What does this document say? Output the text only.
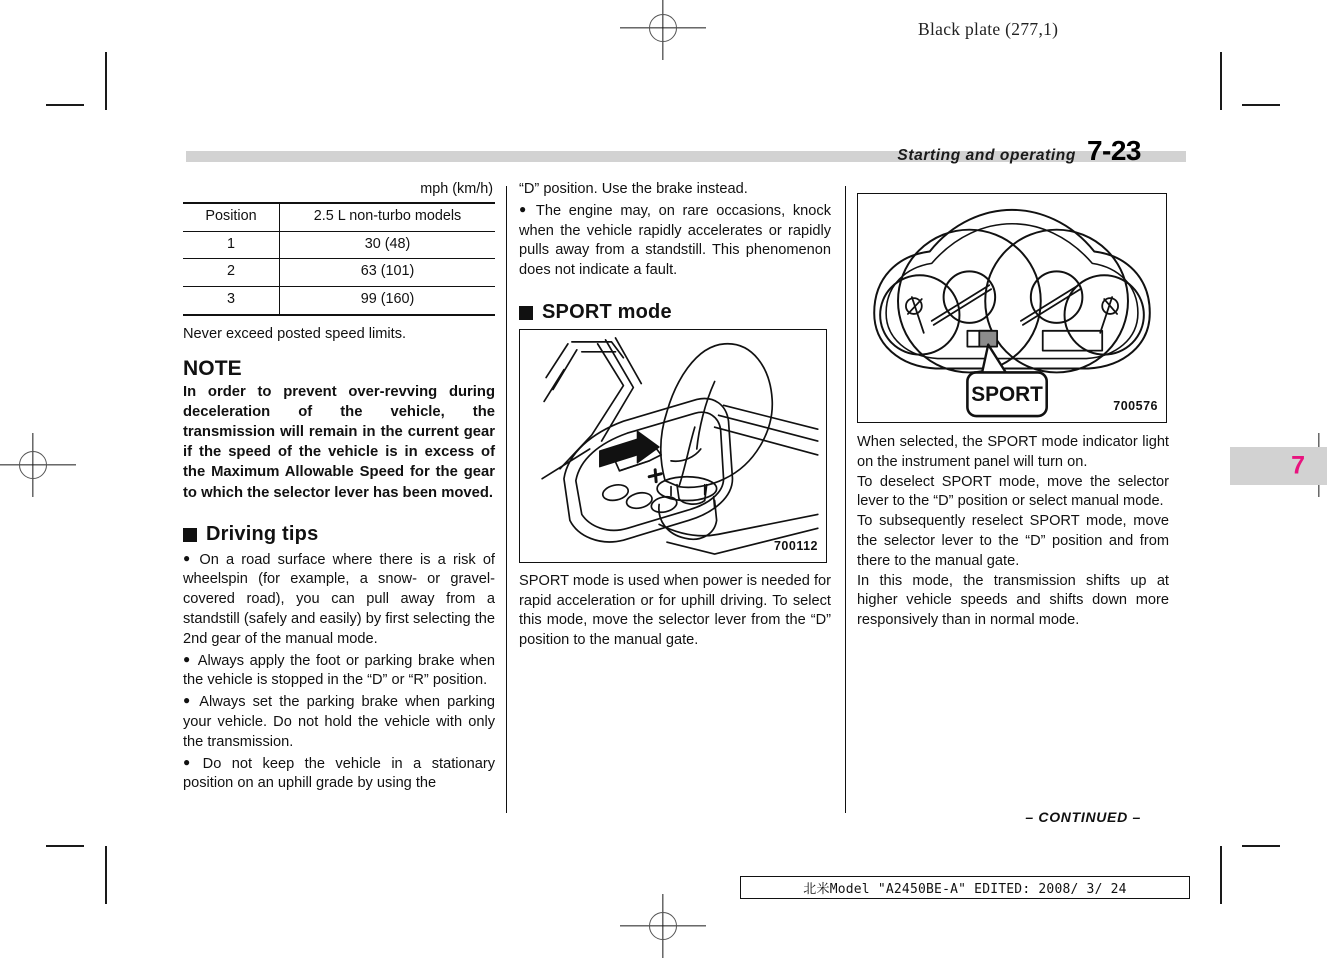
Black plate (277,1)
Starting and operating 7-23
mph (km/h)
Position	2.5 L non-turbo models
1	30 (48)
2	63 (101)
3	99 (160)
Never exceed posted speed limits.
NOTE

In order to prevent over-revving during deceleration of the vehicle, the transmission will remain in the current gear if the speed of the vehicle is in excess of the Maximum Allowable Speed for the gear to which the selector lever has been moved.

Driving tips

● On a road surface where there is a risk of wheelspin (for example, a snow- or gravel-covered road), you can pull away from a standstill (safely and easily) by first selecting the 2nd gear of the manual mode.

● Always apply the foot or parking brake when the vehicle is stopped in the “D” or “R” position.

● Always set the parking brake when parking your vehicle. Do not hold the vehicle with only the transmission.

● Do not keep the vehicle in a stationary position on an uphill grade by using the

“D” position. Use the brake instead.

● The engine may, on rare occasions, knock when the vehicle rapidly accelerates or rapidly pulls away from a standstill. This phenomenon does not indicate a fault.

SPORT mode
700112

SPORT mode is used when power is needed for rapid acceleration or for uphill driving. To select this mode, move the selector lever from the “D” position to the manual gate.

SPORT
700576

When selected, the SPORT mode indicator light on the instrument panel will turn on.

To deselect SPORT mode, move the selector lever to the “D” position or select manual mode.

To subsequently reselect SPORT mode, move the selector lever to the “D” position and from there to the manual gate.

In this mode, the transmission shifts up at higher vehicle speeds and shifts down more responsively than in normal mode.

7
– CONTINUED –
北米Model "A2450BE-A" EDITED: 2008/ 3/ 24
